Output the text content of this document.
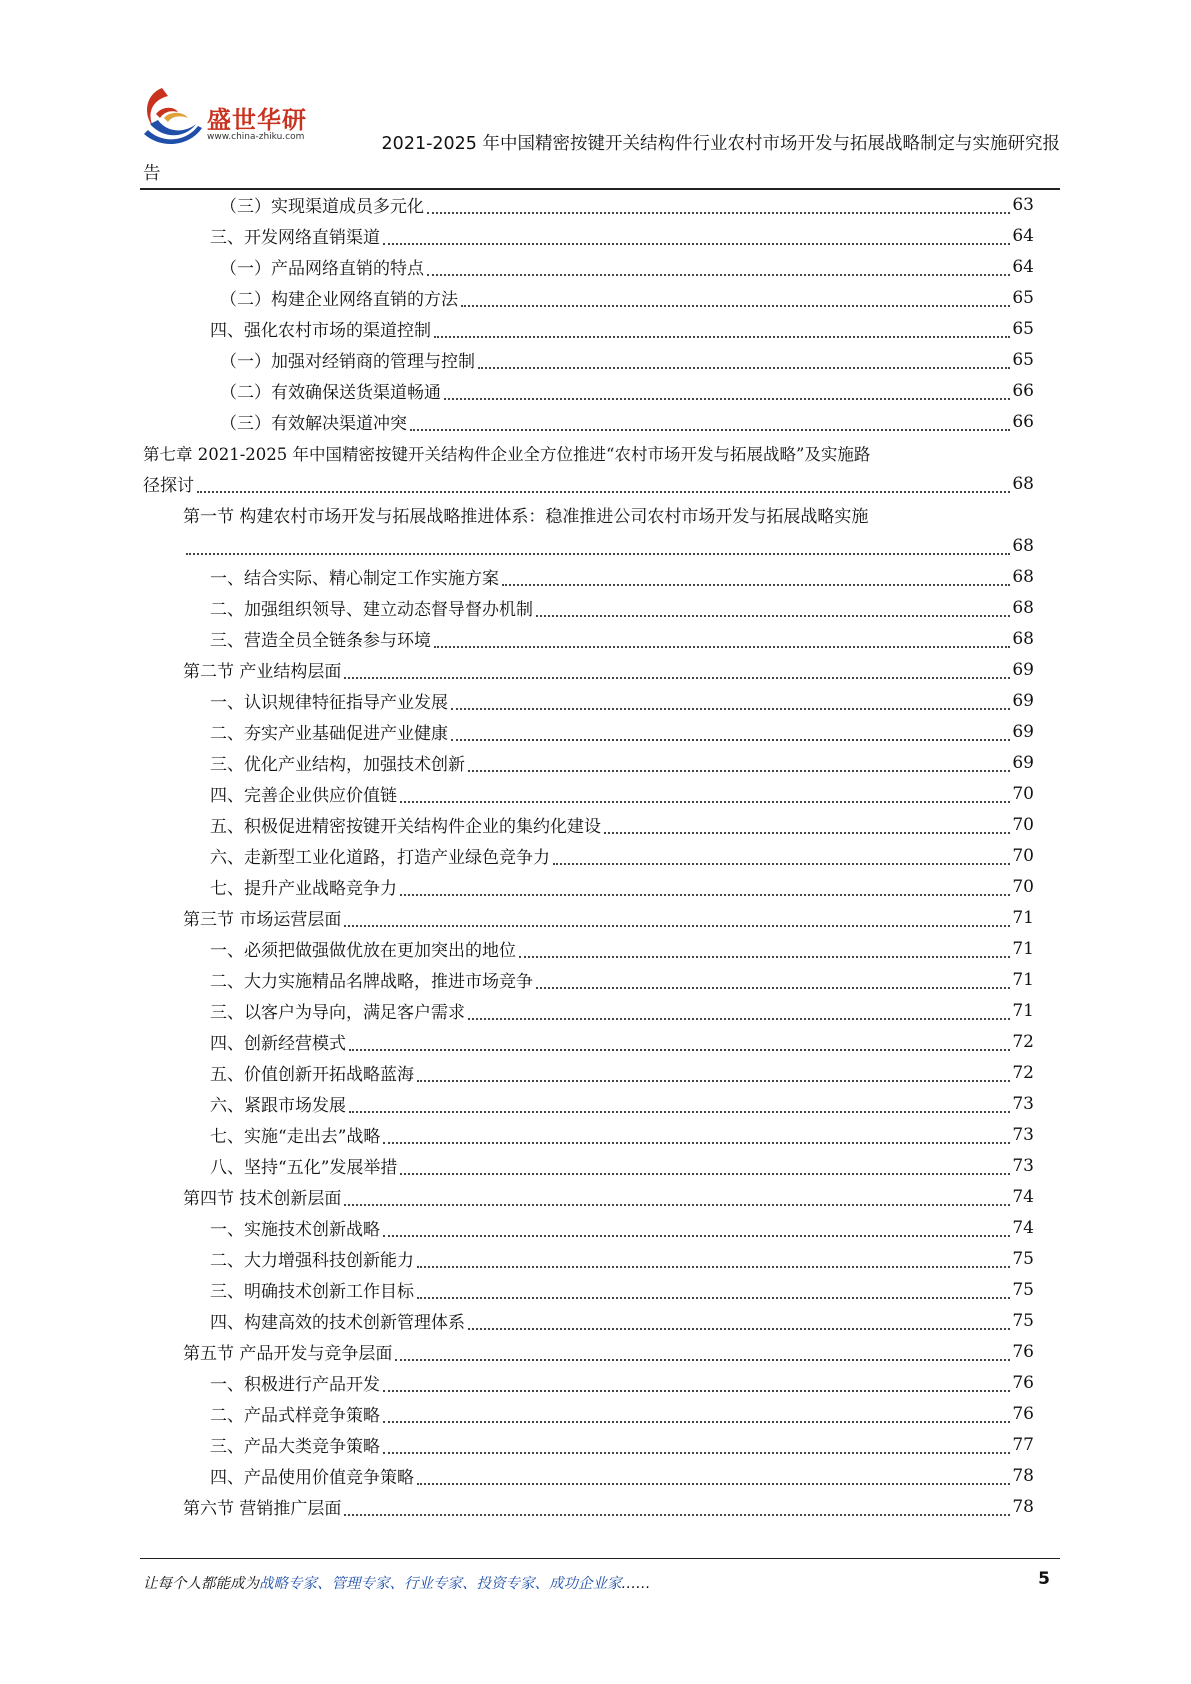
盛世华研
www.china-zhiku.com	2021-2025 年中国精密按键开关结构件行业农村市场开发与拓展战略制定与实施研究报
告
（三）实现渠道成员多元化	63
三、开发网络直销渠道	64
（一）产品网络直销的特点	64
（二）构建企业网络直销的方法	65
四、强化农村市场的渠道控制	65
（一）加强对经销商的管理与控制	65
（二）有效确保送货渠道畅通	66
（三）有效解决渠道冲突	66
第七章 2021-2025 年中国精密按键开关结构件企业全方位推进“农村市场开发与拓展战略”及实施路
径探讨	68
第一节 构建农村市场开发与拓展战略推进体系：稳准推进公司农村市场开发与拓展战略实施
68
一、结合实际、精心制定工作实施方案	68
二、加强组织领导、建立动态督导督办机制	68
三、营造全员全链条参与环境	68
第二节 产业结构层面	69
一、认识规律特征指导产业发展	69
二、夯实产业基础促进产业健康	69
三、优化产业结构，加强技术创新	69
四、完善企业供应价值链	70
五、积极促进精密按键开关结构件企业的集约化建设	70
六、走新型工业化道路，打造产业绿色竞争力	70
七、提升产业战略竞争力	70
第三节 市场运营层面	71
一、必须把做强做优放在更加突出的地位	71
二、大力实施精品名牌战略，推进市场竞争	71
三、以客户为导向，满足客户需求	71
四、创新经营模式	72
五、价值创新开拓战略蓝海	72
六、紧跟市场发展	73
七、实施“走出去”战略	73
八、坚持“五化”发展举措	73
第四节 技术创新层面	74
一、实施技术创新战略	74
二、大力增强科技创新能力	75
三、明确技术创新工作目标	75
四、构建高效的技术创新管理体系	75
第五节 产品开发与竞争层面	76
一、积极进行产品开发	76
二、产品式样竞争策略	76
三、产品大类竞争策略	77
四、产品使用价值竞争策略	78
第六节 营销推广层面	78
让每个人都能成为战略专家、管理专家、行业专家、投资专家、成功企业家……	5
